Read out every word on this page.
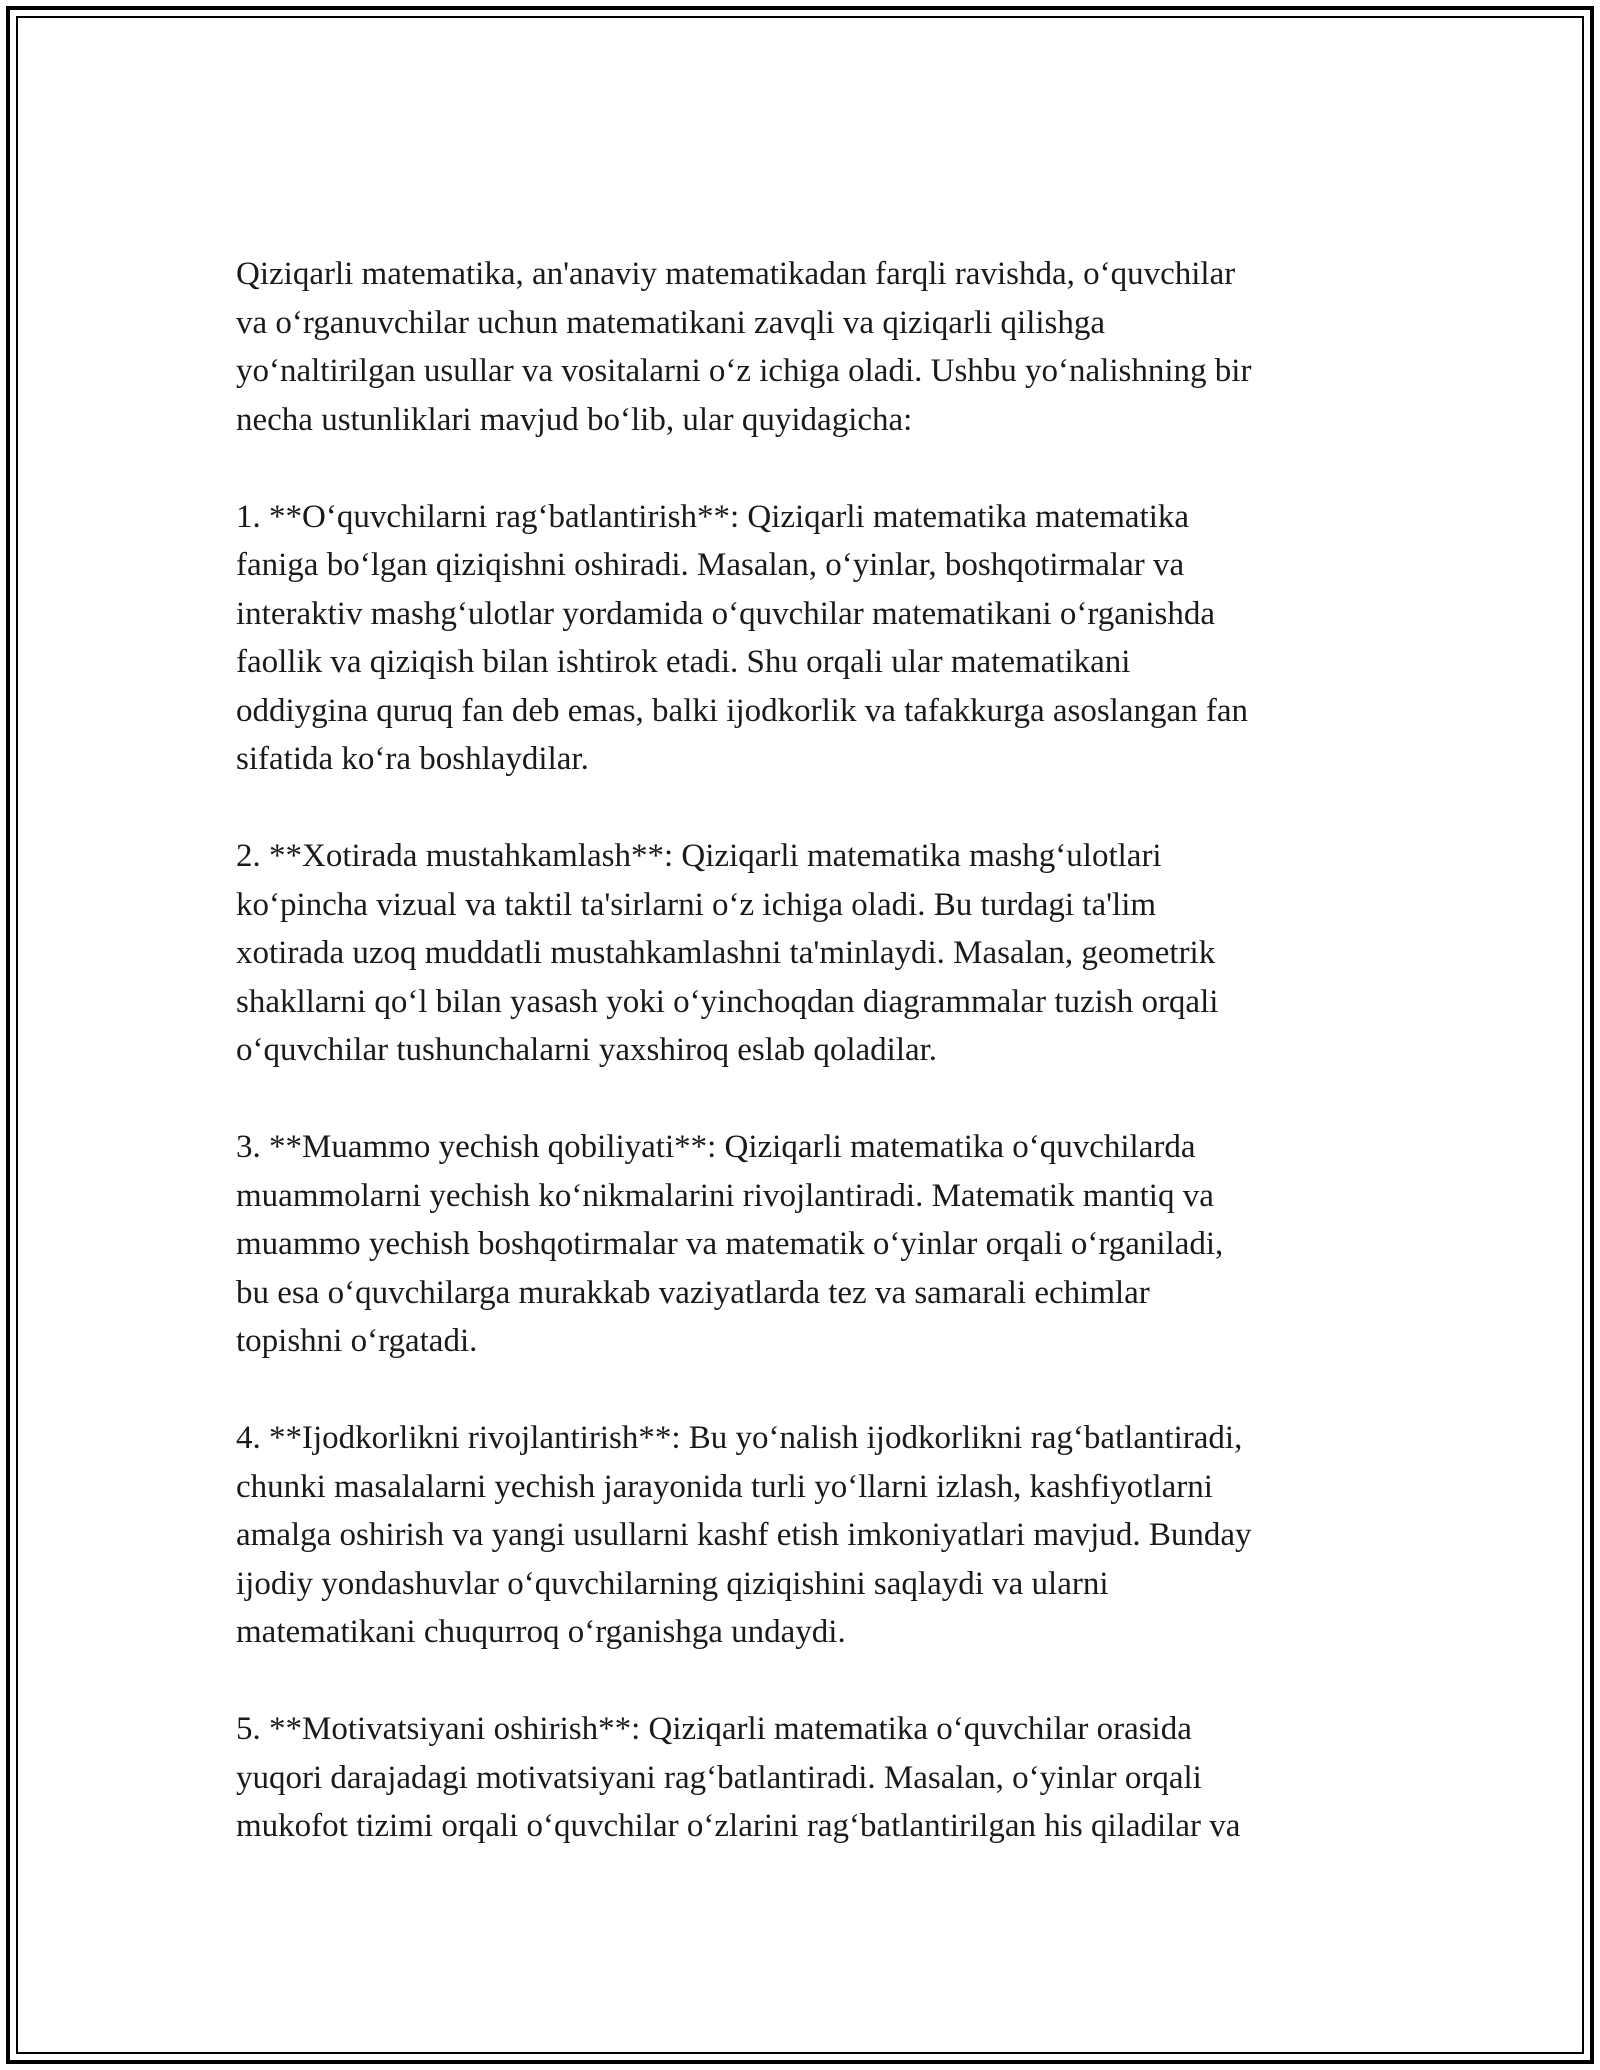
Qiziqarli matematika, an'anaviy matematikadan farqli ravishda, o‘quvchilar
va o‘rganuvchilar uchun matematikani zavqli va qiziqarli qilishga
yo‘naltirilgan usullar va vositalarni o‘z ichiga oladi. Ushbu yo‘nalishning bir
necha ustunliklari mavjud bo‘lib, ular quyidagicha:

1. **O‘quvchilarni rag‘batlantirish**: Qiziqarli matematika matematika
faniga bo‘lgan qiziqishni oshiradi. Masalan, o‘yinlar, boshqotirmalar va
interaktiv mashg‘ulotlar yordamida o‘quvchilar matematikani o‘rganishda
faollik va qiziqish bilan ishtirok etadi. Shu orqali ular matematikani
oddiygina quruq fan deb emas, balki ijodkorlik va tafakkurga asoslangan fan
sifatida ko‘ra boshlaydilar.

2. **Xotirada mustahkamlash**: Qiziqarli matematika mashg‘ulotlari
ko‘pincha vizual va taktil ta'sirlarni o‘z ichiga oladi. Bu turdagi ta'lim
xotirada uzoq muddatli mustahkamlashni ta'minlaydi. Masalan, geometrik
shakllarni qo‘l bilan yasash yoki o‘yinchoqdan diagrammalar tuzish orqali
o‘quvchilar tushunchalarni yaxshiroq eslab qoladilar.

3. **Muammo yechish qobiliyati**: Qiziqarli matematika o‘quvchilarda
muammolarni yechish ko‘nikmalarini rivojlantiradi. Matematik mantiq va
muammo yechish boshqotirmalar va matematik o‘yinlar orqali o‘rganiladi,
bu esa o‘quvchilarga murakkab vaziyatlarda tez va samarali echimlar
topishni o‘rgatadi.

4. **Ijodkorlikni rivojlantirish**: Bu yo‘nalish ijodkorlikni rag‘batlantiradi,
chunki masalalarni yechish jarayonida turli yo‘llarni izlash, kashfiyotlarni
amalga oshirish va yangi usullarni kashf etish imkoniyatlari mavjud. Bunday
ijodiy yondashuvlar o‘quvchilarning qiziqishini saqlaydi va ularni
matematikani chuqurroq o‘rganishga undaydi.

5. **Motivatsiyani oshirish**: Qiziqarli matematika o‘quvchilar orasida
yuqori darajadagi motivatsiyani rag‘batlantiradi. Masalan, o‘yinlar orqali
mukofot tizimi orqali o‘quvchilar o‘zlarini rag‘batlantirilgan his qiladilar va
